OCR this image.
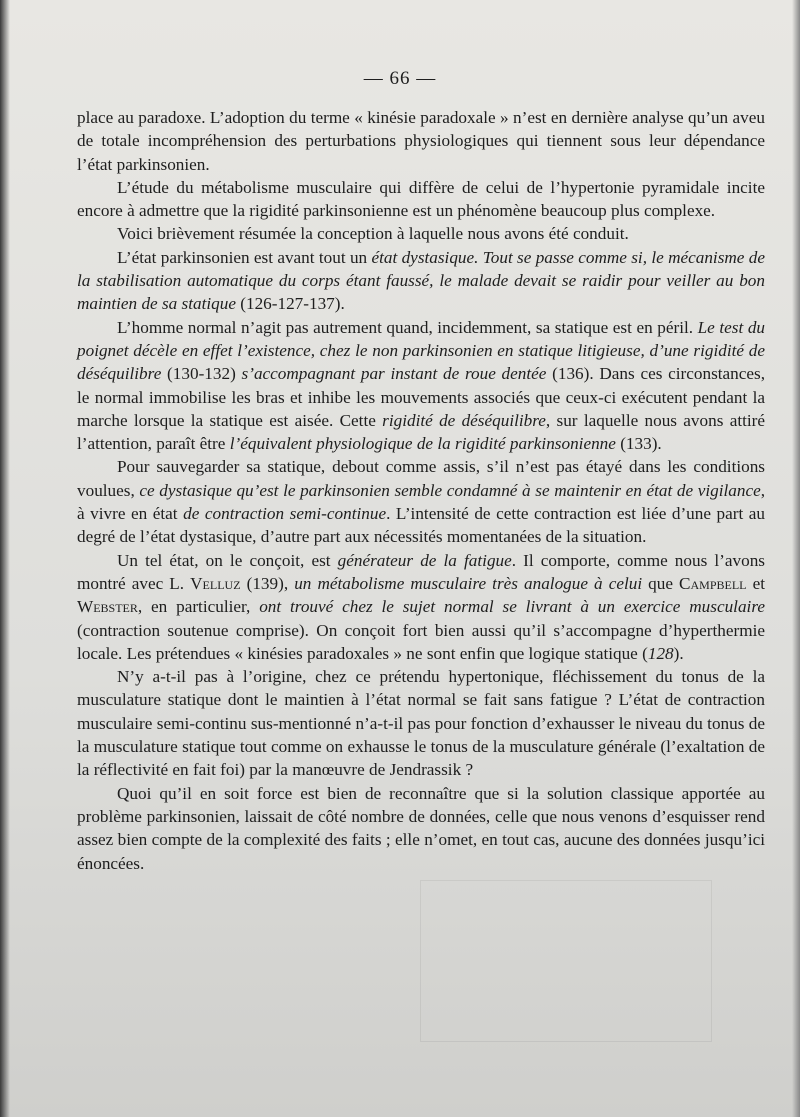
— 66 —

place au paradoxe. L’adoption du terme « kinésie paradoxale » n’est en dernière analyse qu’un aveu de totale incompréhension des perturbations physiologiques qui tiennent sous leur dépendance l’état parkinsonien.

L’étude du métabolisme musculaire qui diffère de celui de l’hypertonie pyramidale incite encore à admettre que la rigidité parkinsonienne est un phénomène beaucoup plus complexe.

Voici brièvement résumée la conception à laquelle nous avons été conduit.

L’état parkinsonien est avant tout un état dystasique. Tout se passe comme si, le mécanisme de la stabilisation automatique du corps étant faussé, le malade devait se raidir pour veiller au bon maintien de sa statique (126-127-137).

L’homme normal n’agit pas autrement quand, incidemment, sa statique est en péril. Le test du poignet décèle en effet l’existence, chez le non parkinsonien en statique litigieuse, d’une rigidité de déséquilibre (130-132) s’accompagnant par instant de roue dentée (136). Dans ces circonstances, le normal immobilise les bras et inhibe les mouvements associés que ceux-ci exécutent pendant la marche lorsque la statique est aisée. Cette rigidité de déséquilibre, sur laquelle nous avons attiré l’attention, paraît être l’équivalent physiologique de la rigidité parkinsonienne (133).

Pour sauvegarder sa statique, debout comme assis, s’il n’est pas étayé dans les conditions voulues, ce dystasique qu’est le parkinsonien semble condamné à se maintenir en état de vigilance, à vivre en état de contraction semi-continue. L’intensité de cette contraction est liée d’une part au degré de l’état dystasique, d’autre part aux nécessités momentanées de la situation.

Un tel état, on le conçoit, est générateur de la fatigue. Il comporte, comme nous l’avons montré avec L. Velluz (139), un métabolisme musculaire très analogue à celui que Campbell et Webster, en particulier, ont trouvé chez le sujet normal se livrant à un exercice musculaire (contraction soutenue comprise). On conçoit fort bien aussi qu’il s’accompagne d’hyperthermie locale. Les prétendues « kinésies paradoxales » ne sont enfin que logique statique (128).

N’y a-t-il pas à l’origine, chez ce prétendu hypertonique, fléchissement du tonus de la musculature statique dont le maintien à l’état normal se fait sans fatigue ? L’état de contraction musculaire semi-continu sus-mentionné n’a-t-il pas pour fonction d’exhausser le niveau du tonus de la musculature statique tout comme on exhausse le tonus de la musculature générale (l’exaltation de la réflectivité en fait foi) par la manœuvre de Jendrassik ?

Quoi qu’il en soit force est bien de reconnaître que si la solution classique apportée au problème parkinsonien, laissait de côté nombre de données, celle que nous venons d’esquisser rend assez bien compte de la complexité des faits ; elle n’omet, en tout cas, aucune des données jusqu’ici énoncées.
